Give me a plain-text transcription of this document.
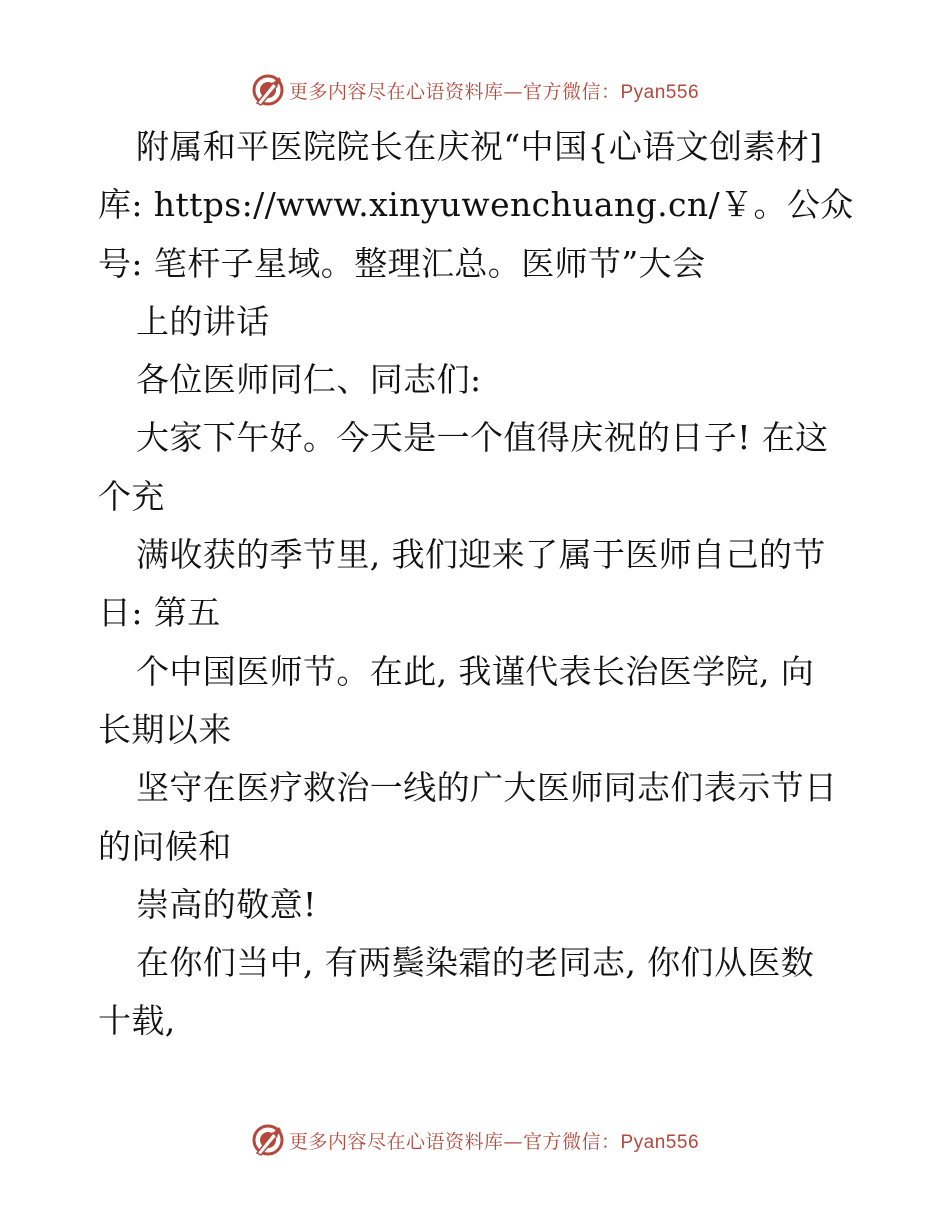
更多内容尽在心语资料库—官方微信：Pyan556
附属和平医院院长在庆祝“中国{心语文创素材]
库: https://www.xinyuwenchuang.cn/￥。公众
号: 笔杆子星域。整理汇总。医师节”大会
上的讲话
各位医师同仁、同志们:
大家下午好。今天是一个值得庆祝的日子! 在这
个充
满收获的季节里, 我们迎来了属于医师自己的节
日: 第五
个中国医师节。在此, 我谨代表长治医学院, 向
长期以来
坚守在医疗救治一线的广大医师同志们表示节日
的问候和
崇高的敬意!
在你们当中, 有两鬓染霜的老同志, 你们从医数
十载,
更多内容尽在心语资料库—官方微信：Pyan556
